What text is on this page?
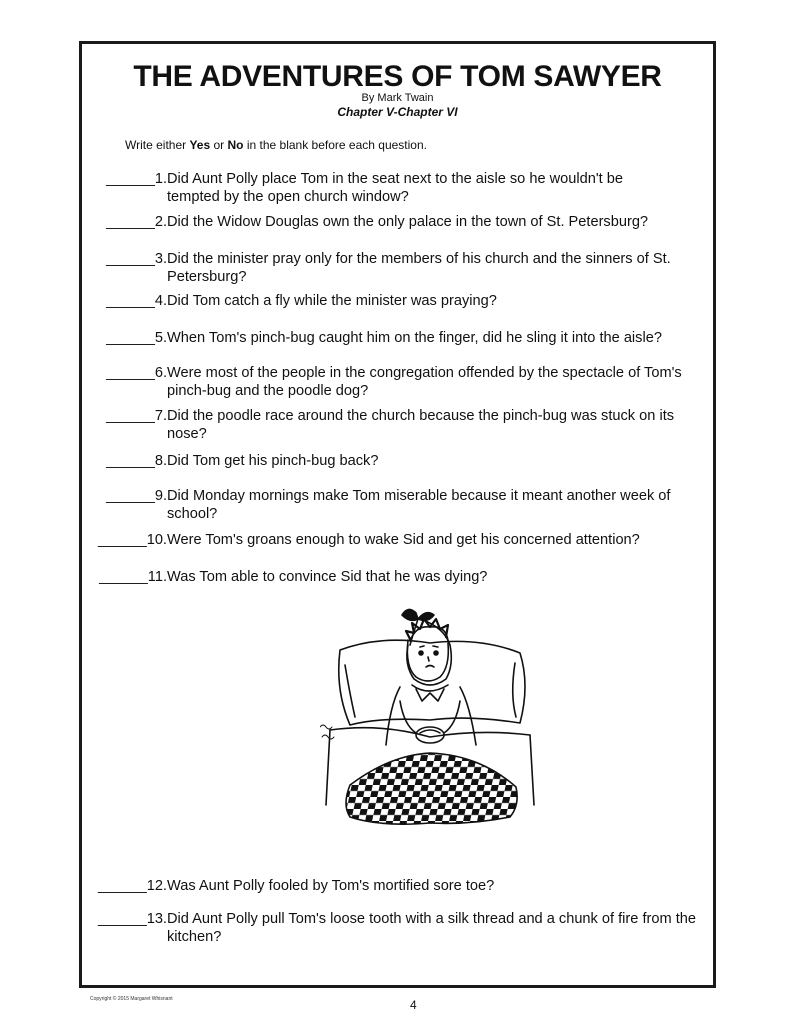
THE ADVENTURES OF TOM SAWYER
By Mark Twain
Chapter V-Chapter VI
Write either Yes or No in the blank before each question.
______1. Did Aunt Polly place Tom in the seat next to the aisle so he wouldn't be tempted by the open church window?
______2. Did the Widow Douglas own the only palace in the town of St. Petersburg?
______3. Did the minister pray only for the members of his church and the sinners of St. Petersburg?
______4. Did Tom catch a fly while the minister was praying?
______5. When Tom's pinch-bug caught him on the finger, did he sling it into the aisle?
______6. Were most of the people in the congregation offended by the spectacle of Tom's pinch-bug and the poodle dog?
______7. Did the poodle race around the church because the pinch-bug was stuck on its nose?
______8. Did Tom get his pinch-bug back?
______9. Did Monday mornings make Tom miserable because it meant another week of school?
______10. Were Tom's groans enough to wake Sid and get his concerned attention?
______11. Was Tom able to convince Sid that he was dying?
______12. Was Aunt Polly fooled by Tom's mortified sore toe?
______13. Did Aunt Polly pull Tom's loose tooth with a silk thread and a chunk of fire from the kitchen?
Copyright © 2015 Margaret Whisnant	4
